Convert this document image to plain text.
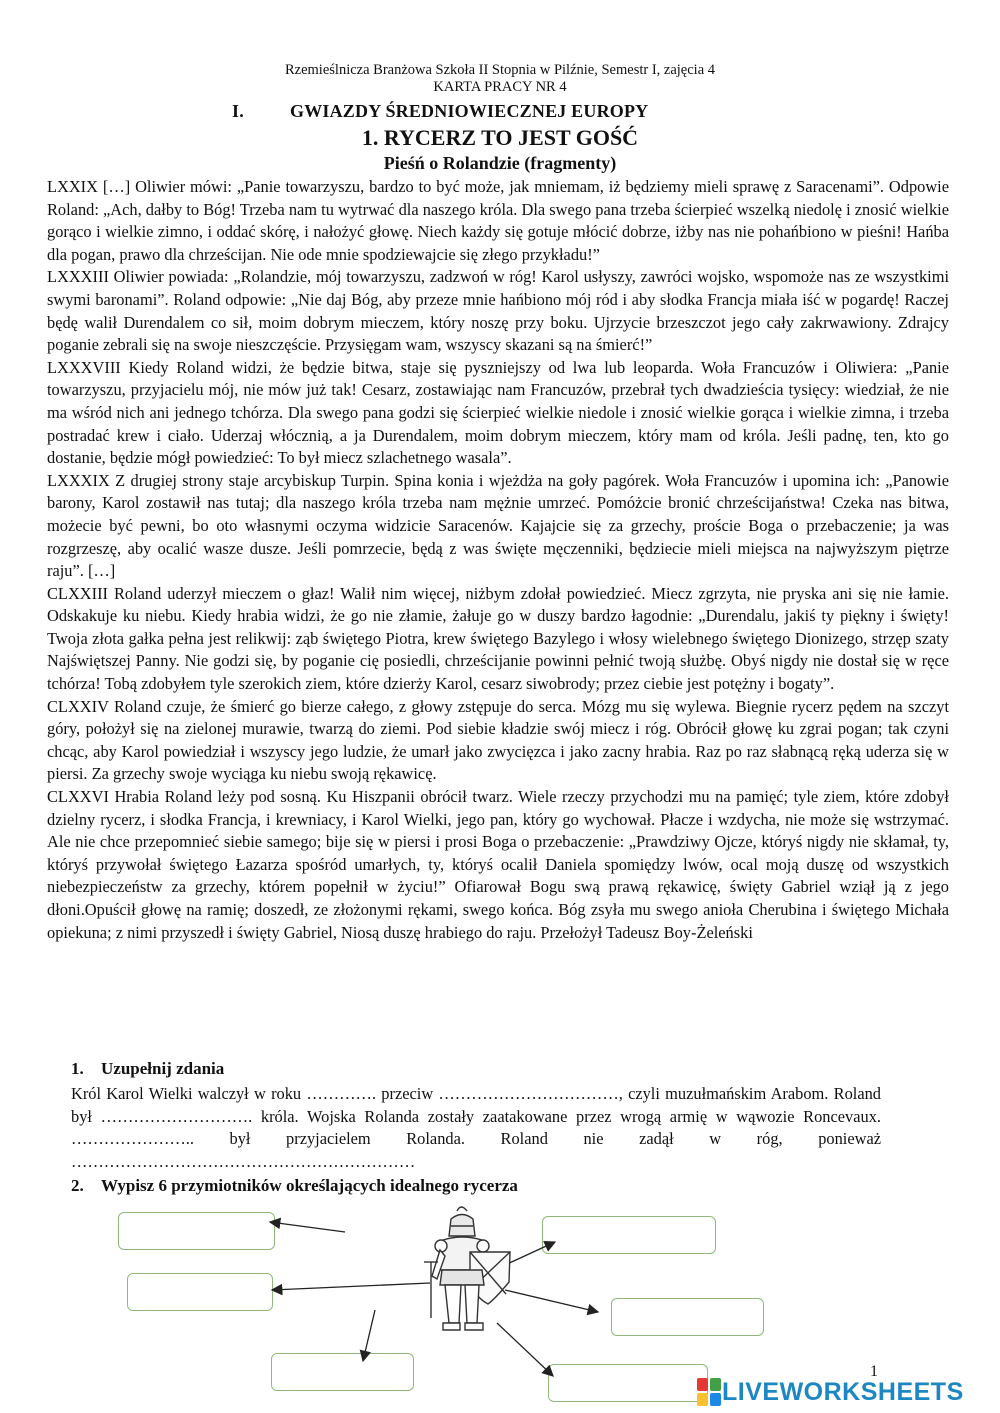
Rzemieślnicza Branżowa Szkoła II Stopnia w Pilźnie, Semestr I, zajęcia 4
KARTA PRACY NR 4
I.	GWIAZDY ŚREDNIOWIECZNEJ EUROPY
1. RYCERZ TO JEST GOŚĆ
Pieśń o Rolandzie (fragmenty)

LXXIX […] Oliwier mówi: „Panie towarzyszu, bardzo to być może, jak mniemam, iż będziemy mieli sprawę z Saracenami”. Odpowie Roland: „Ach, dałby to Bóg! Trzeba nam tu wytrwać dla naszego króla. Dla swego pana trzeba ścierpieć wszelką niedolę i znosić wielkie gorąco i wielkie zimno, i oddać skórę, i nałożyć głowę. Niech każdy się gotuje młócić dobrze, iżby nas nie pohańbiono w pieśni! Hańba dla pogan, prawo dla chrześcijan. Nie ode mnie spodziewajcie się złego przykładu!”

LXXXIII Oliwier powiada: „Rolandzie, mój towarzyszu, zadzwoń w róg! Karol usłyszy, zawróci wojsko, wspomoże nas ze wszystkimi swymi baronami”. Roland odpowie: „Nie daj Bóg, aby przeze mnie hańbiono mój ród i aby słodka Francja miała iść w pogardę! Raczej będę walił Durendalem co sił, moim dobrym mieczem, który noszę przy boku. Ujrzycie brzeszczot jego cały zakrwawiony. Zdrajcy poganie zebrali się na swoje nieszczęście. Przysięgam wam, wszyscy skazani są na śmierć!”

LXXXVIII Kiedy Roland widzi, że będzie bitwa, staje się pyszniejszy od lwa lub leoparda. Woła Francuzów i Oliwiera: „Panie towarzyszu, przyjacielu mój, nie mów już tak! Cesarz, zostawiając nam Francuzów, przebrał tych dwadzieścia tysięcy: wiedział, że nie ma wśród nich ani jednego tchórza. Dla swego pana godzi się ścierpieć wielkie niedole i znosić wielkie gorąca i wielkie zimna, i trzeba postradać krew i ciało. Uderzaj włócznią, a ja Durendalem, moim dobrym mieczem, który mam od króla. Jeśli padnę, ten, kto go dostanie, będzie mógł powiedzieć: To był miecz szlachetnego wasala”.

LXXXIX Z drugiej strony staje arcybiskup Turpin. Spina konia i wjeżdża na goły pagórek. Woła Francuzów i upomina ich: „Panowie barony, Karol zostawił nas tutaj; dla naszego króla trzeba nam mężnie umrzeć. Pomóżcie bronić chrześcijaństwa! Czeka nas bitwa, możecie być pewni, bo oto własnymi oczyma widzicie Saracenów. Kajajcie się za grzechy, proście Boga o przebaczenie; ja was rozgrzeszę, aby ocalić wasze dusze. Jeśli pomrzecie, będą z was święte męczenniki, będziecie mieli miejsca na najwyższym piętrze raju”. […]

CLXXIII Roland uderzył mieczem o głaz! Walił nim więcej, niżbym zdołał powiedzieć. Miecz zgrzyta, nie pryska ani się nie łamie. Odskakuje ku niebu. Kiedy hrabia widzi, że go nie złamie, żałuje go w duszy bardzo łagodnie: „Durendalu, jakiś ty piękny i święty! Twoja złota gałka pełna jest relikwij: ząb świętego Piotra, krew świętego Bazylego i włosy wielebnego świętego Dionizego, strzęp szaty Najświętszej Panny. Nie godzi się, by poganie cię posiedli, chrześcijanie powinni pełnić twoją służbę. Obyś nigdy nie dostał się w ręce tchórza! Tobą zdobyłem tyle szerokich ziem, które dzierży Karol, cesarz siwobrody; przez ciebie jest potężny i bogaty”.

CLXXIV Roland czuje, że śmierć go bierze całego, z głowy zstępuje do serca. Mózg mu się wylewa. Biegnie rycerz pędem na szczyt góry, położył się na zielonej murawie, twarzą do ziemi. Pod siebie kładzie swój miecz i róg. Obrócił głowę ku zgrai pogan; tak czyni chcąc, aby Karol powiedział i wszyscy jego ludzie, że umarł jako zwycięzca i jako zacny hrabia. Raz po raz słabnącą ręką uderza się w piersi. Za grzechy swoje wyciąga ku niebu swoją rękawicę.

CLXXVI Hrabia Roland leży pod sosną. Ku Hiszpanii obrócił twarz. Wiele rzeczy przychodzi mu na pamięć; tyle ziem, które zdobył dzielny rycerz, i słodka Francja, i krewniacy, i Karol Wielki, jego pan, który go wychował. Płacze i wzdycha, nie może się wstrzymać. Ale nie chce przepomnieć siebie samego; bije się w piersi i prosi Boga o przebaczenie: „Prawdziwy Ojcze, któryś nigdy nie skłamał, ty, któryś przywołał świętego Łazarza spośród umarłych, ty, któryś ocalił Daniela spomiędzy lwów, ocal moją duszę od wszystkich niebezpieczeństw za grzechy, którem popełnił w życiu!” Ofiarował Bogu swą prawą rękawicę, święty Gabriel wziął ją z jego dłoni.Opuścił głowę na ramię; doszedł, ze złożonymi rękami, swego końca. Bóg zsyła mu swego anioła Cherubina i świętego Michała opiekuna; z nimi przyszedł i święty Gabriel, Niosą duszę hrabiego do raju. Przełożył Tadeusz Boy-Żeleński

1. Uzupełnij zdania

Król Karol Wielki walczył w roku …………. przeciw ……………………………, czyli muzułmańskim Arabom. Roland był ………………………. króla. Wojska Rolanda zostały zaatakowane przez wrogą armię w wąwozie Roncevaux. ………………….. był przyjacielem Rolanda. Roland nie zadął w róg, ponieważ ………………………………………………………

2. Wypisz 6 przymiotników określających idealnego rycerza
1
LIVEWORKSHEETS
